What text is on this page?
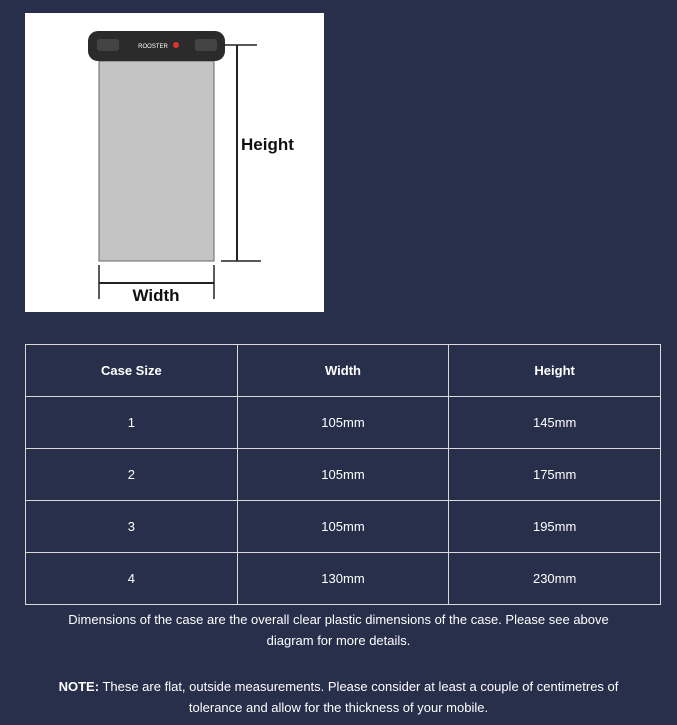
ROOSTER
Height
Width
Case Size	Width	Height
1	105mm	145mm
2	105mm	175mm
3	105mm	195mm
4	130mm	230mm
Dimensions of the case are the overall clear plastic dimensions of the case. Please see above
diagram for more details.
NOTE: These are flat, outside measurements. Please consider at least a couple of centimetres of
tolerance and allow for the thickness of your mobile.
